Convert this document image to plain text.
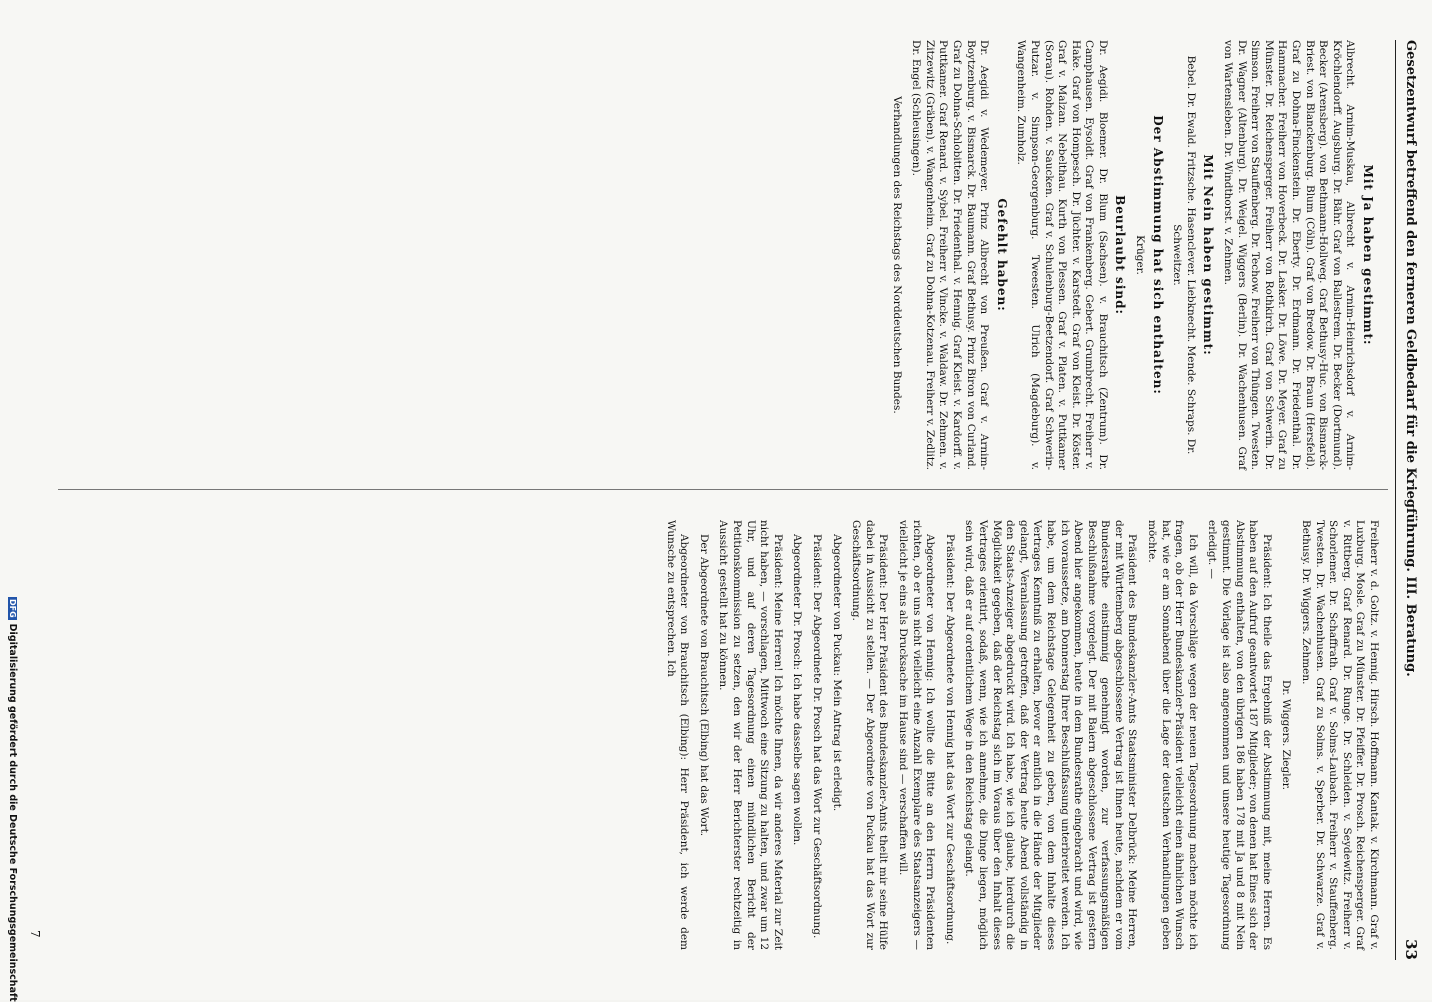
Gesetzentwurf betreffend den ferneren Geldbedarf für die Kriegführung. III. Beratung.
33
Mit Ja haben gestimmt:

Albrecht. Arnim-Muskau, Albrecht v. Arnim-Heinrichsdorf v. Arnim-Kröchlendorff. Augsburg. Dr. Bähr. Graf von Ballestrem. Dr. Becker (Dortmund). Becker (Arensberg). von Bethmann-Hollweg. Graf Bethusy-Huc. von Bismarck-Briest. von Blanckenburg. Blum (Cöln). Graf von Bredow. Dr. Braun (Hersfeld). Graf zu Dohna-Finckenstein. Dr. Eberty. Dr. Erdmann. Dr. Friedenthal. Dr. Hammacher. Freiherr von Hoverbeck. Dr. Lasker. Dr. Löwe. Dr. Meyer. Graf zu Münster. Dr. Reichensperger. Freiherr von Rothkirch. Graf von Schwerin. Dr. Simson. Freiherr von Stauffenberg. Dr. Techow. Freiherr von Thüngen. Twesten. Dr. Wagner (Altenburg). Dr. Weigel. Wiggers (Berlin). Dr. Wachenhusen. Graf von Wartensleben. Dr. Windthorst. v. Zehmen.

Mit Nein haben gestimmt:

Bebel. Dr. Ewald. Fritzsche. Hasenclever. Liebknecht. Mende. Schraps. Dr. Schweitzer.

Der Abstimmung hat sich enthalten:

Krüger.

Beurlaubt sind:

Dr. Aegidi. Bloemer. Dr. Blum (Sachsen). v. Brauchitsch (Zentrum). Dr. Camphausen. Eysoldt. Graf von Frankenberg. Gebert. Grumbrecht. Freiherr v. Hake. Graf von Hompesch. Dr. Jüchter. v. Karstedt. Graf von Kleist. Dr. Köster. Graf v. Malzan. Nebelthau. Kurth von Plessen. Graf v. Platen. v. Puttkamer (Sorau). Rohden. v. Saucken. Graf v. Schulenburg-Beetzendorf. Graf Schwerin-Putzar. v. Simpson-Georgenburg. Tweesten. Ulrich (Magdeburg). v. Wangenheim. Zumholz.

Gefehlt haben:

Dr. Aegidi v. Wedemeyer. Prinz Albrecht von Preußen. Graf v. Arnim-Boytzenburg. v. Bismarck. Dr. Baumann. Graf Bethusy. Prinz Biron von Curland. Graf zu Dohna-Schlobitten. Dr. Friedenthal. v. Hennig. Graf Kleist. v. Kardorff. v. Puttkamer. Graf Renard. v. Sybel. Freiherr v. Vincke. v. Waldaw. Dr. Zehmen. v. Zitzewitz (Gräben). v. Wangenheim. Graf zu Dohna-Kotzenau. Freiherr v. Zedlitz. Dr. Engel (Schleusingen).

Verhandlungen des Reichstags des Norddeutschen Bundes.

Freiherr v. d. Goltz. v. Hennig. Hirsch. Hoffmann. Kantak. v. Kirchmann. Graf v. Luxburg. Mosle. Graf zu Münster. Dr. Pfeiffer. Dr. Prosch. Reichensperger. Graf v. Rittberg. Graf Renard. Dr. Runge. Dr. Schleiden. v. Seydewitz. Freiherr v. Schorlemer. Dr. Schaffrath. Graf v. Solms-Laubach. Freiherr v. Stauffenberg. Twesten. Dr. Wachenhusen. Graf zu Solms. v. Sperber. Dr. Schwarze. Graf v. Bethusy. Dr. Wiggers. Zehmen.

Dr. Wiggers. Ziegler.

Präsident: Ich theile das Ergebniß der Abstimmung mit, meine Herren. Es haben auf den Aufruf geantwortet 187 Mitglieder; von denen hat Eines sich der Abstimmung enthalten, von den übrigen 186 haben 178 mit Ja und 8 mit Nein gestimmt. Die Vorlage ist also angenommen und unsere heutige Tagesordnung erledigt. —

Ich will, da Vorschläge wegen der neuen Tagesordnung machen möchte ich fragen, ob der Herr Bundeskanzler-Präsident vielleicht einen ähnlichen Wunsch hat, wie er am Sonnabend über die Lage der deutschen Verhandlungen geben möchte.

Präsident des Bundeskanzler-Amts Staatsminister Delbrück: Meine Herren, der mit Württemberg abgeschlossene Vertrag ist Ihnen heute, nachdem er vom Bundesrathe einstimmig genehmigt worden, zur verfassungsmäßigen Beschlußnahme vorgelegt. Der mit Baiern abgeschlossene Vertrag ist gestern Abend hier angekommen, heute in dem Bundesrathe eingebracht und wird, wie ich voraussetze, am Donnerstag Ihrer Beschlußfassung unterbreitet werden. Ich habe, um dem Reichstage Gelegenheit zu geben, von dem Inhalte dieses Vertrages Kenntniß zu erhalten, bevor er amtlich in die Hände der Mitglieder gelangt, Veranlassung getroffen, daß der Vertrag heute Abend vollständig in den Staats-Anzeiger abgedruckt wird. Ich habe, wie ich glaube, hierdurch die Möglichkeit gegeben, daß der Reichstag sich im Voraus über den Inhalt dieses Vertrages orientirt, sodaß, wenn, wie ich annehme, die Dinge liegen, möglich sein wird, daß er auf ordentlichem Wege in den Reichstag gelangt.

Präsident: Der Abgeordnete von Hennig hat das Wort zur Geschäftsordnung.

Abgeordneter von Hennig: Ich wollte die Bitte an den Herrn Präsidenten richten, ob er uns nicht vielleicht eine Anzahl Exemplare des Staatsanzeigers — vielleicht je eins als Drucksache im Hause sind — verschaffen will.

Präsident: Der Herr Präsident des Bundeskanzler-Amts theilt mir seine Hülfe dabei in Aussicht zu stellen. — Der Abgeordnete von Puckau hat das Wort zur Geschäftsordnung.

Abgeordneter von Puckau: Mein Antrag ist erledigt.

Präsident: Der Abgeordnete Dr. Prosch hat das Wort zur Geschäftsordnung.

Abgeordneter Dr. Prosch: Ich habe dasselbe sagen wollen.

Präsident: Meine Herren! Ich möchte Ihnen, da wir anderes Material zur Zeit nicht haben, — vorschlagen, Mittwoch eine Sitzung zu halten, und zwar um 12 Uhr, und auf deren Tagesordnung einen mündlichen Bericht der Petitionskommission zu setzen, den wir der Herr Berichterster rechtzeitig in Aussicht gestellt hat zu können.

Der Abgeordnete von Brauchitsch (Elbing) hat das Wort.

Abgeordneter von Brauchitsch (Elbing): Herr Präsident, ich werde dem Wunsche zu entsprechen. Ich

7
DFGDigitalisierung gefördert durch die Deutsche Forschungsgemeinschaft
